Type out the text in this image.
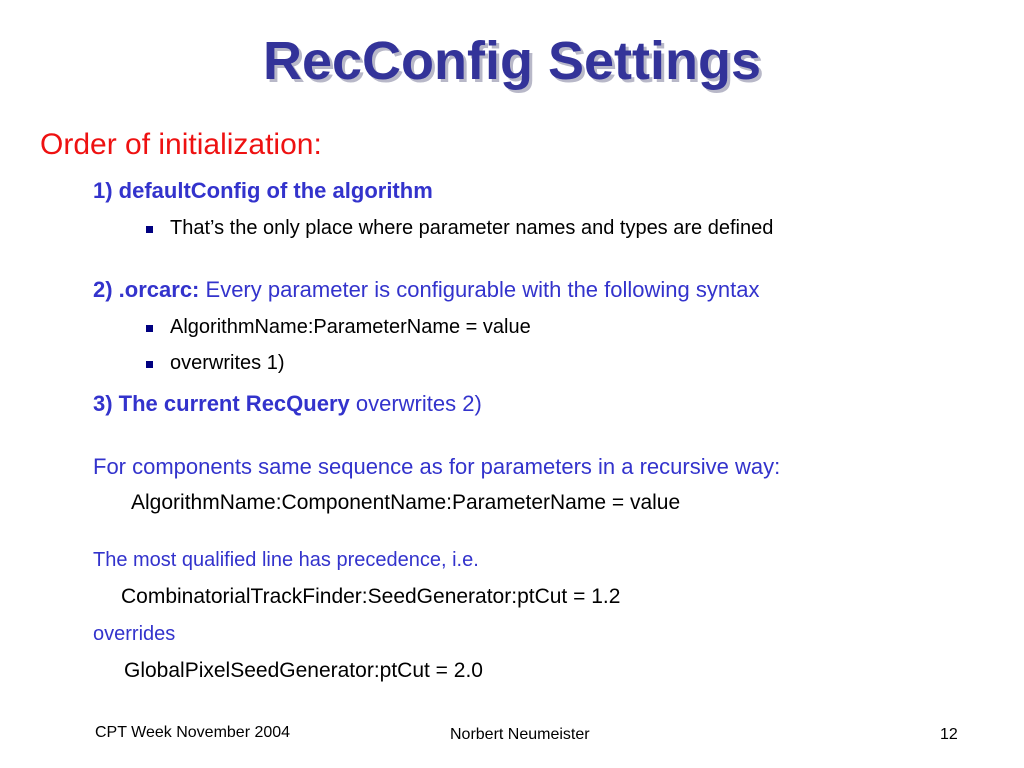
RecConfig Settings
Order of initialization:
1) defaultConfig of the algorithm
That’s the only place where parameter names and types are defined
2) .orcarc: Every parameter is configurable with the following syntax
AlgorithmName:ParameterName = value
overwrites 1)
3) The current RecQuery overwrites 2)
For components same sequence as for parameters in a recursive way:
AlgorithmName:ComponentName:ParameterName = value
The most qualified line has precedence, i.e.
CombinatorialTrackFinder:SeedGenerator:ptCut = 1.2
overrides
GlobalPixelSeedGenerator:ptCut = 2.0
CPT Week November 2004	Norbert Neumeister	12
